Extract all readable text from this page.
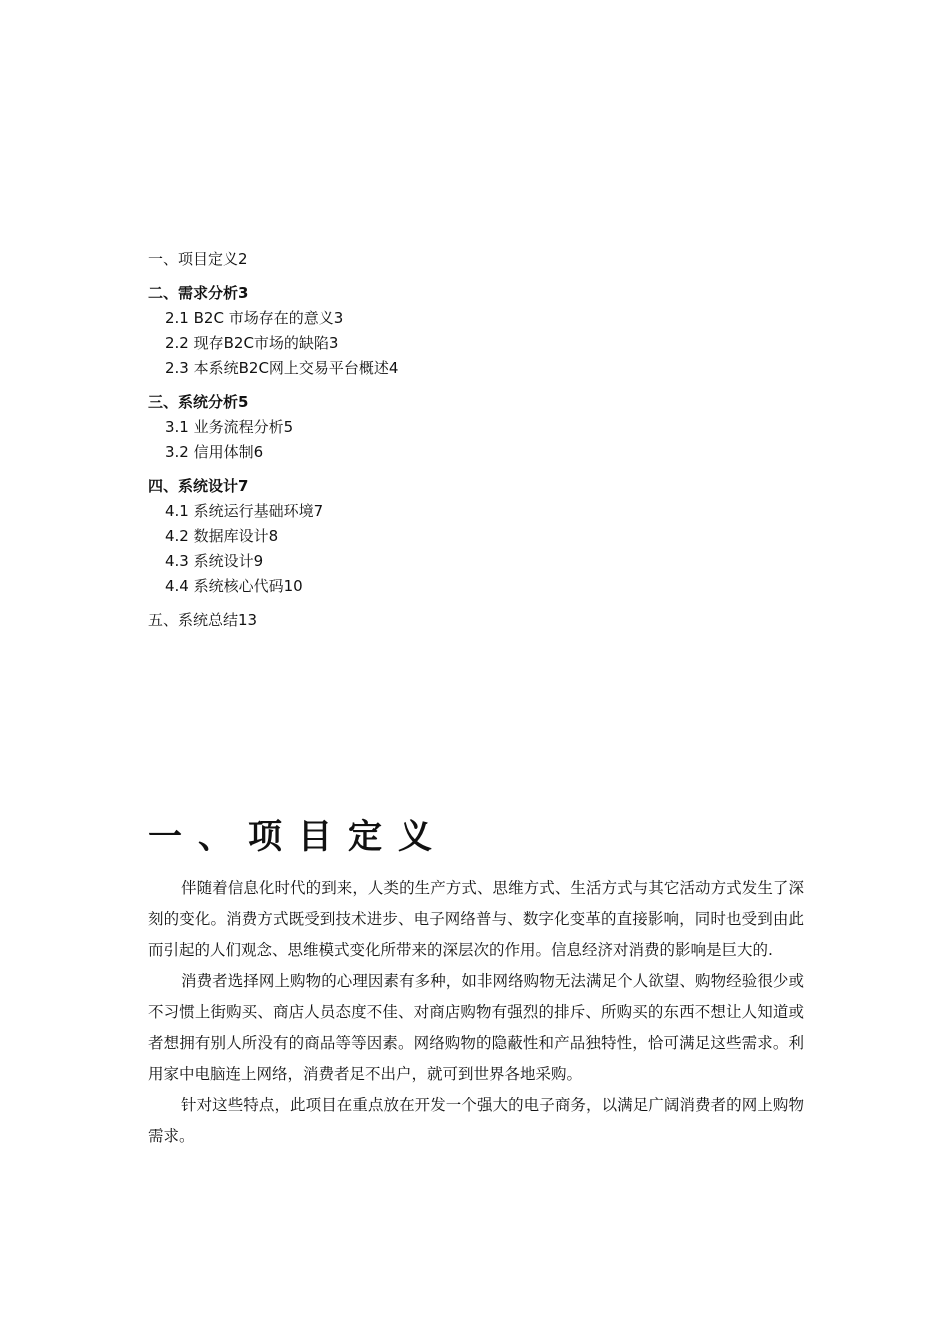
一、项目定义2
二、需求分析3
2.1 B2C 市场存在的意义3
2.2 现存B2C市场的缺陷3
2.3 本系统B2C网上交易平台概述4
三、系统分析5
3.1 业务流程分析5
3.2 信用体制6
四、系统设计7
4.1 系统运行基础环境7
4.2 数据库设计8
4.3 系统设计9
4.4 系统核心代码10
五、系统总结13
一、项目定义

伴随着信息化时代的到来，人类的生产方式、思维方式、生活方式与其它活动方式发生了深刻的变化。消费方式既受到技术进步、电子网络普与、数字化变革的直接影响，同时也受到由此而引起的人们观念、思维模式变化所带来的深层次的作用。信息经济对消费的影响是巨大的.

消费者选择网上购物的心理因素有多种，如非网络购物无法满足个人欲望、购物经验很少或不习惯上街购买、商店人员态度不佳、对商店购物有强烈的排斥、所购买的东西不想让人知道或者想拥有别人所没有的商品等等因素。网络购物的隐蔽性和产品独特性，恰可满足这些需求。利用家中电脑连上网络，消费者足不出户，就可到世界各地采购。

针对这些特点，此项目在重点放在开发一个强大的电子商务，以满足广阔消费者的网上购物需求。
